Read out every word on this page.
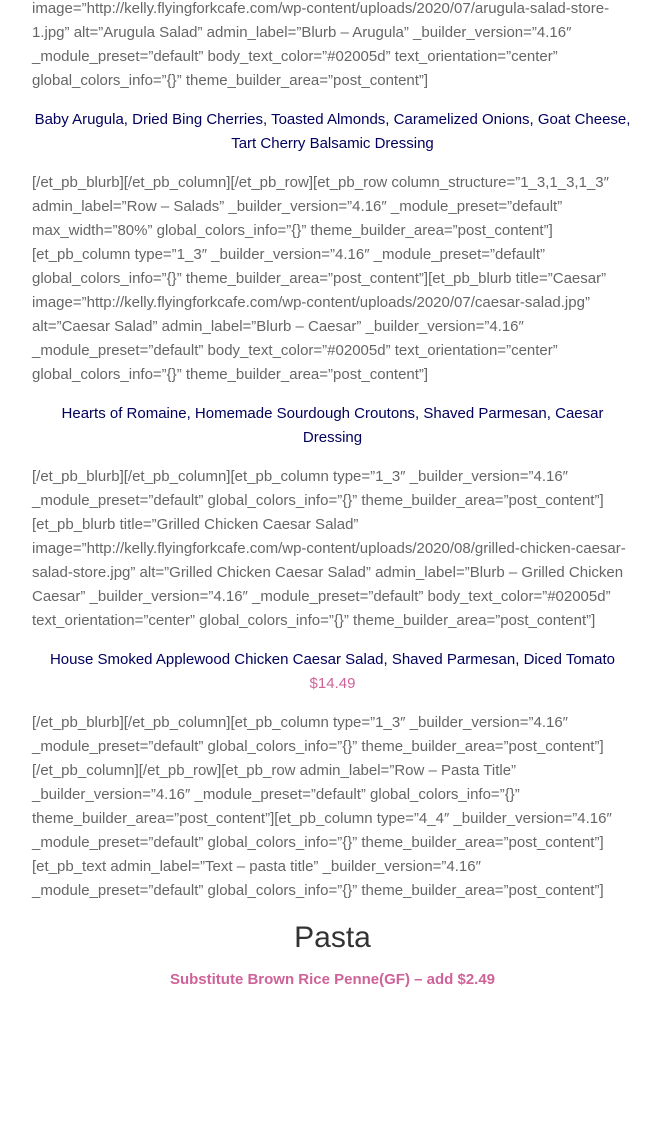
image=”http://kelly.flyingforkcafe.com/wp-content/uploads/2020/07/arugula-salad-store-1.jpg” alt=”Arugula Salad” admin_label=”Blurb – Arugula” _builder_version=”4.16″ _module_preset=”default” body_text_color=”#02005d” text_orientation=”center” global_colors_info=”{}” theme_builder_area=”post_content”]

Baby Arugula, Dried Bing Cherries, Toasted Almonds, Caramelized Onions, Goat Cheese, Tart Cherry Balsamic Dressing

[/et_pb_blurb][/et_pb_column][/et_pb_row][et_pb_row column_structure=”1_3,1_3,1_3″ admin_label=”Row – Salads” _builder_version=”4.16″ _module_preset=”default” max_width=”80%” global_colors_info=”{}” theme_builder_area=”post_content”][et_pb_column type=”1_3″ _builder_version=”4.16″ _module_preset=”default” global_colors_info=”{}” theme_builder_area=”post_content”][et_pb_blurb title=”Caesar” image=”http://kelly.flyingforkcafe.com/wp-content/uploads/2020/07/caesar-salad.jpg” alt=”Caesar Salad” admin_label=”Blurb – Caesar” _builder_version=”4.16″ _module_preset=”default” body_text_color=”#02005d” text_orientation=”center” global_colors_info=”{}” theme_builder_area=”post_content”]

Hearts of Romaine, Homemade Sourdough Croutons, Shaved Parmesan, Caesar Dressing

[/et_pb_blurb][/et_pb_column][et_pb_column type=”1_3″ _builder_version=”4.16″ _module_preset=”default” global_colors_info=”{}” theme_builder_area=”post_content”][et_pb_blurb title=”Grilled Chicken Caesar Salad” image=”http://kelly.flyingforkcafe.com/wp-content/uploads/2020/08/grilled-chicken-caesar-salad-store.jpg” alt=”Grilled Chicken Caesar Salad” admin_label=”Blurb – Grilled Chicken Caesar” _builder_version=”4.16″ _module_preset=”default” body_text_color=”#02005d” text_orientation=”center” global_colors_info=”{}” theme_builder_area=”post_content”]

House Smoked Applewood Chicken Caesar Salad, Shaved Parmesan, Diced Tomato

$14.49

[/et_pb_blurb][/et_pb_column][et_pb_column type=”1_3″ _builder_version=”4.16″ _module_preset=”default” global_colors_info=”{}” theme_builder_area=”post_content”][/et_pb_column][/et_pb_row][et_pb_row admin_label=”Row – Pasta Title” _builder_version=”4.16″ _module_preset=”default” global_colors_info=”{}” theme_builder_area=”post_content”][et_pb_column type=”4_4″ _builder_version=”4.16″ _module_preset=”default” global_colors_info=”{}” theme_builder_area=”post_content”][et_pb_text admin_label=”Text – pasta title” _builder_version=”4.16″ _module_preset=”default” global_colors_info=”{}” theme_builder_area=”post_content”]

Pasta

Substitute Brown Rice Penne(GF) – add $2.49
